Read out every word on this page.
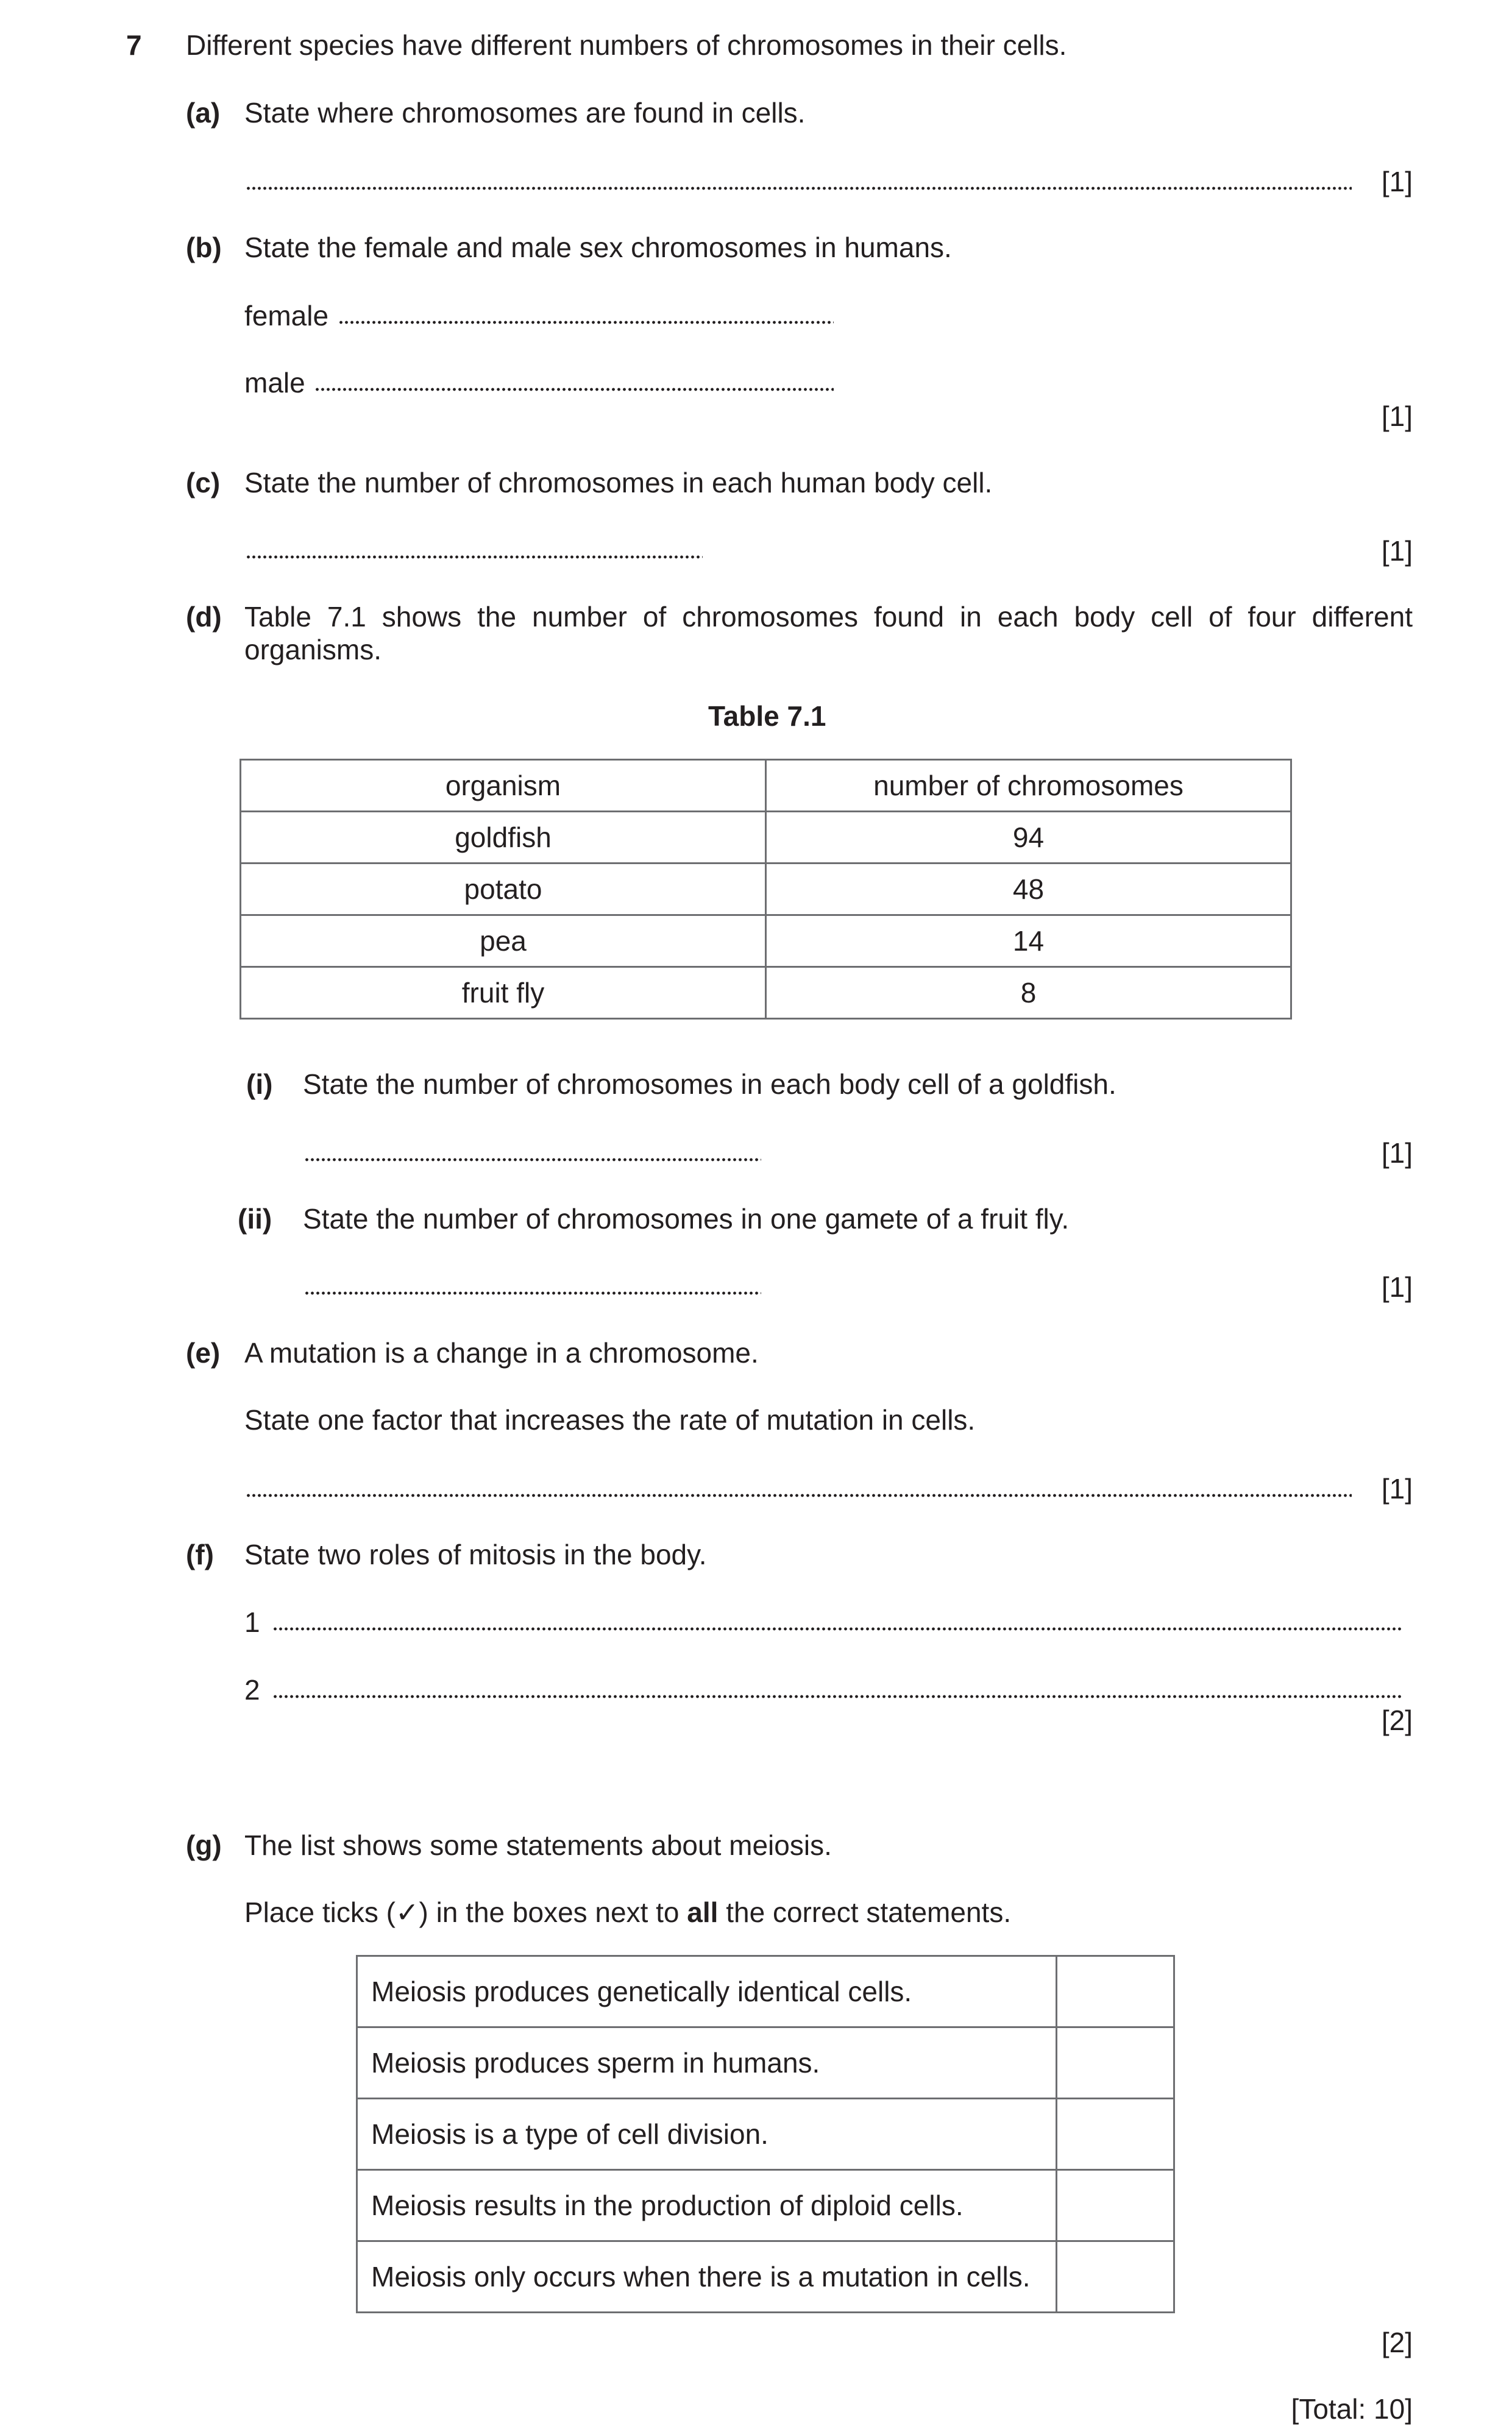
7 Different species have different numbers of chromosomes in their cells.
(a) State where chromosomes are found in cells.
[1]
(b) State the female and male sex chromosomes in humans.
female
male
[1]
(c) State the number of chromosomes in each human body cell.
[1]
(d) Table 7.1 shows the number of chromosomes found in each body cell of four different
organisms.
Table 7.1
organism	number of chromosomes
goldfish	94
potato	48
pea	14
fruit fly	8
(i) State the number of chromosomes in each body cell of a goldfish.
[1]
(ii) State the number of chromosomes in one gamete of a fruit fly.
[1]
(e) A mutation is a change in a chromosome.
State one factor that increases the rate of mutation in cells.
[1]
(f) State two roles of mitosis in the body.
1
2
[2]
(g) The list shows some statements about meiosis.
Place ticks (✓) in the boxes next to all the correct statements.
Meiosis produces genetically identical cells.	
Meiosis produces sperm in humans.	
Meiosis is a type of cell division.	
Meiosis results in the production of diploid cells.	
Meiosis only occurs when there is a mutation in cells.	
[2]
[Total: 10]
